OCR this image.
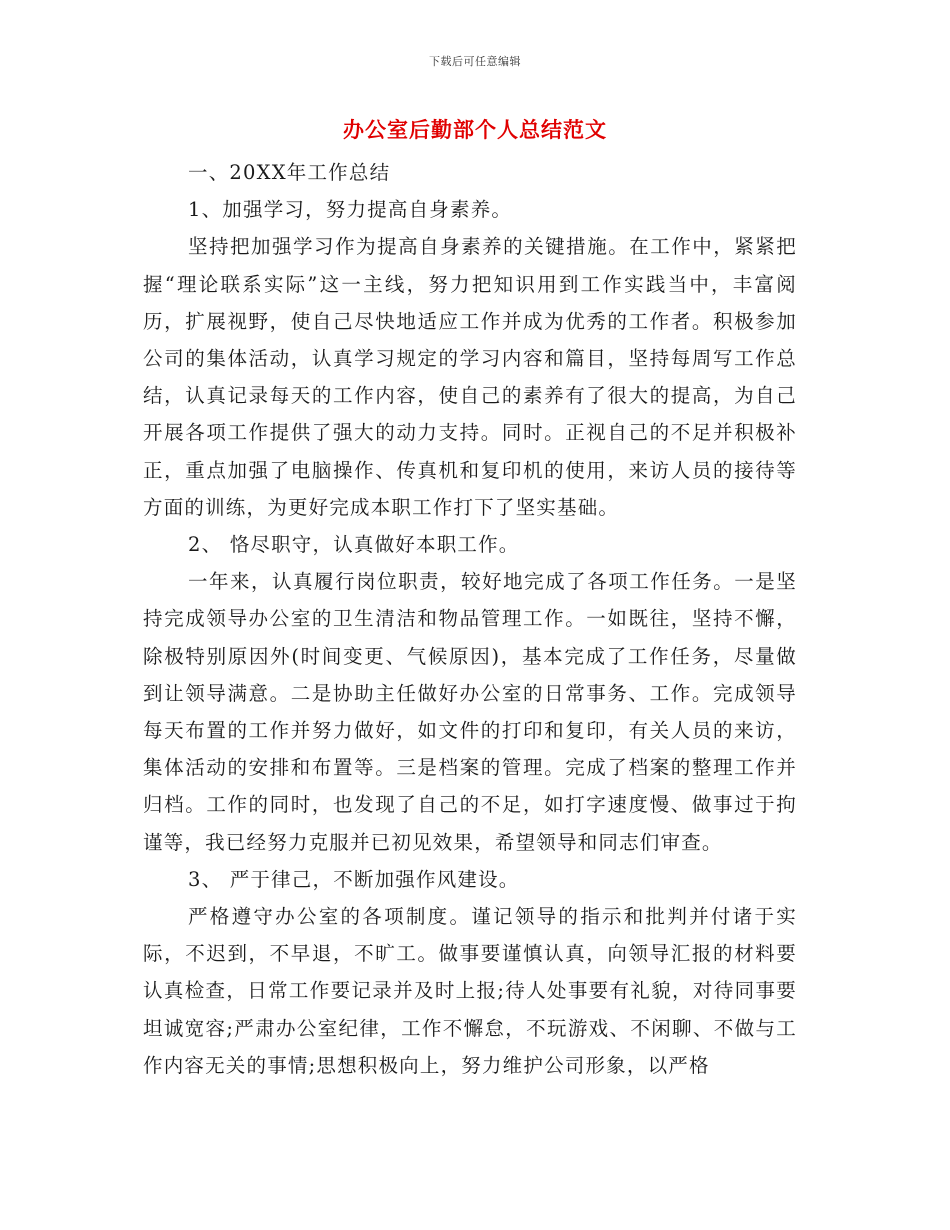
下载后可任意编辑
办公室后勤部个人总结范文

一、20XX年工作总结

1、加强学习，努力提高自身素养。

坚持把加强学习作为提高自身素养的关键措施。在工作中，紧紧把握“理论联系实际”这一主线，努力把知识用到工作实践当中，丰富阅历，扩展视野，使自己尽快地适应工作并成为优秀的工作者。积极参加公司的集体活动，认真学习规定的学习内容和篇目，坚持每周写工作总结，认真记录每天的工作内容，使自己的素养有了很大的提高，为自己开展各项工作提供了强大的动力支持。同时。正视自己的不足并积极补正，重点加强了电脑操作、传真机和复印机的使用，来访人员的接待等方面的训练，为更好完成本职工作打下了坚实基础。

2、 恪尽职守，认真做好本职工作。

一年来，认真履行岗位职责，较好地完成了各项工作任务。一是坚持完成领导办公室的卫生清洁和物品管理工作。一如既往，坚持不懈，除极特别原因外(时间变更、气候原因)，基本完成了工作任务，尽量做到让领导满意。二是协助主任做好办公室的日常事务、工作。完成领导每天布置的工作并努力做好，如文件的打印和复印，有关人员的来访，集体活动的安排和布置等。三是档案的管理。完成了档案的整理工作并归档。工作的同时，也发现了自己的不足，如打字速度慢、做事过于拘谨等，我已经努力克服并已初见效果，希望领导和同志们审查。

3、 严于律己，不断加强作风建设。

严格遵守办公室的各项制度。谨记领导的指示和批判并付诸于实际，不迟到，不早退，不旷工。做事要谨慎认真，向领导汇报的材料要认真检查，日常工作要记录并及时上报;待人处事要有礼貌，对待同事要坦诚宽容;严肃办公室纪律，工作不懈怠，不玩游戏、不闲聊、不做与工作内容无关的事情;思想积极向上，努力维护公司形象，以严格
